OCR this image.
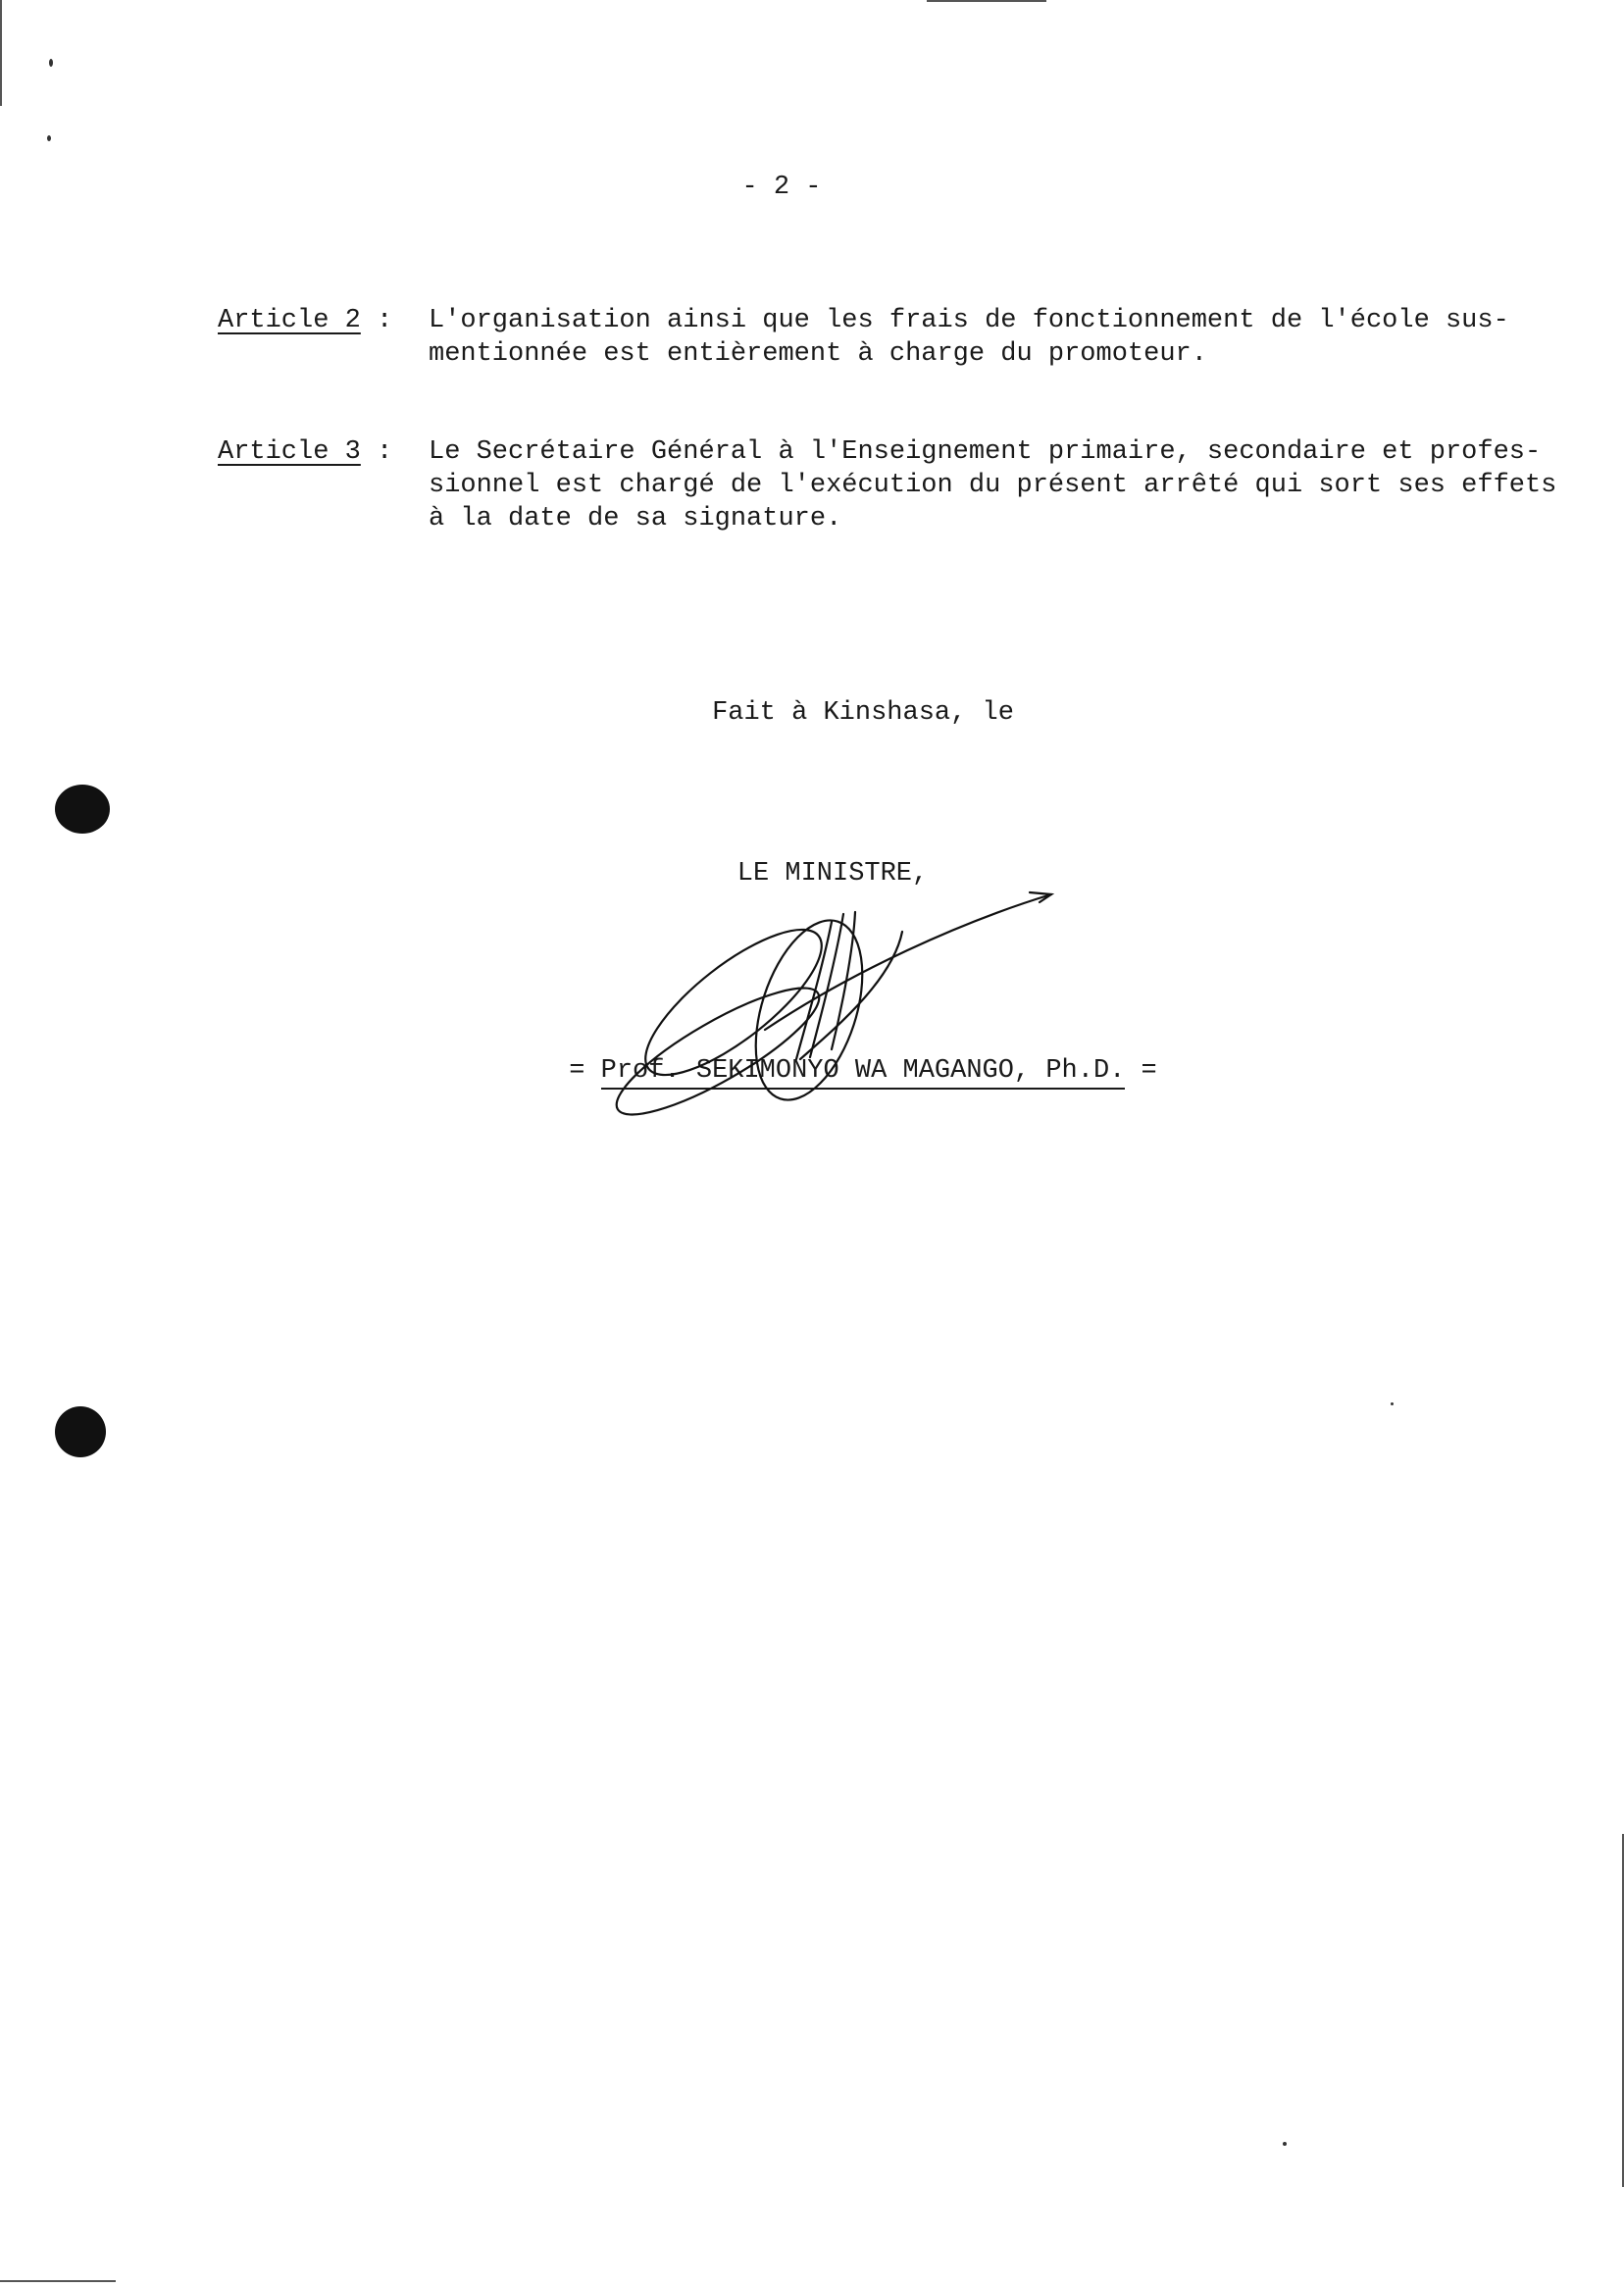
- 2 -
Article 2 :	L'organisation ainsi que les frais de fonctionnement de l'école sus-
mentionnée est entièrement à charge du promoteur.
Article 3 :	Le Secrétaire Général à l'Enseignement primaire, secondaire et profes-
sionnel est chargé de l'exécution du présent arrêté qui sort ses effets
à la date de sa signature.
Fait à Kinshasa, le
LE MINISTRE,
= Prof. SEKIMONYO WA MAGANGO, Ph.D. =
